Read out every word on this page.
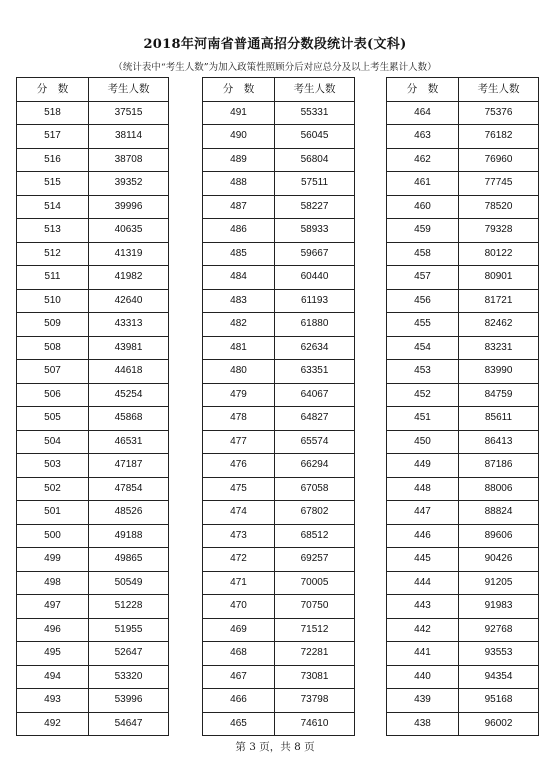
2018年河南省普通高招分数段统计表(文科)
（统计表中“考生人数”为加入政策性照顾分后对应总分及以上考生累计人数）
分　数	考生人数
518	37515
517	38114
516	38708
515	39352
514	39996
513	40635
512	41319
511	41982
510	42640
509	43313
508	43981
507	44618
506	45254
505	45868
504	46531
503	47187
502	47854
501	48526
500	49188
499	49865
498	50549
497	51228
496	51955
495	52647
494	53320
493	53996
492	54647
分　数	考生人数
491	55331
490	56045
489	56804
488	57511
487	58227
486	58933
485	59667
484	60440
483	61193
482	61880
481	62634
480	63351
479	64067
478	64827
477	65574
476	66294
475	67058
474	67802
473	68512
472	69257
471	70005
470	70750
469	71512
468	72281
467	73081
466	73798
465	74610
分　数	考生人数
464	75376
463	76182
462	76960
461	77745
460	78520
459	79328
458	80122
457	80901
456	81721
455	82462
454	83231
453	83990
452	84759
451	85611
450	86413
449	87186
448	88006
447	88824
446	89606
445	90426
444	91205
443	91983
442	92768
441	93553
440	94354
439	95168
438	96002
第 3 页，共 8 页
